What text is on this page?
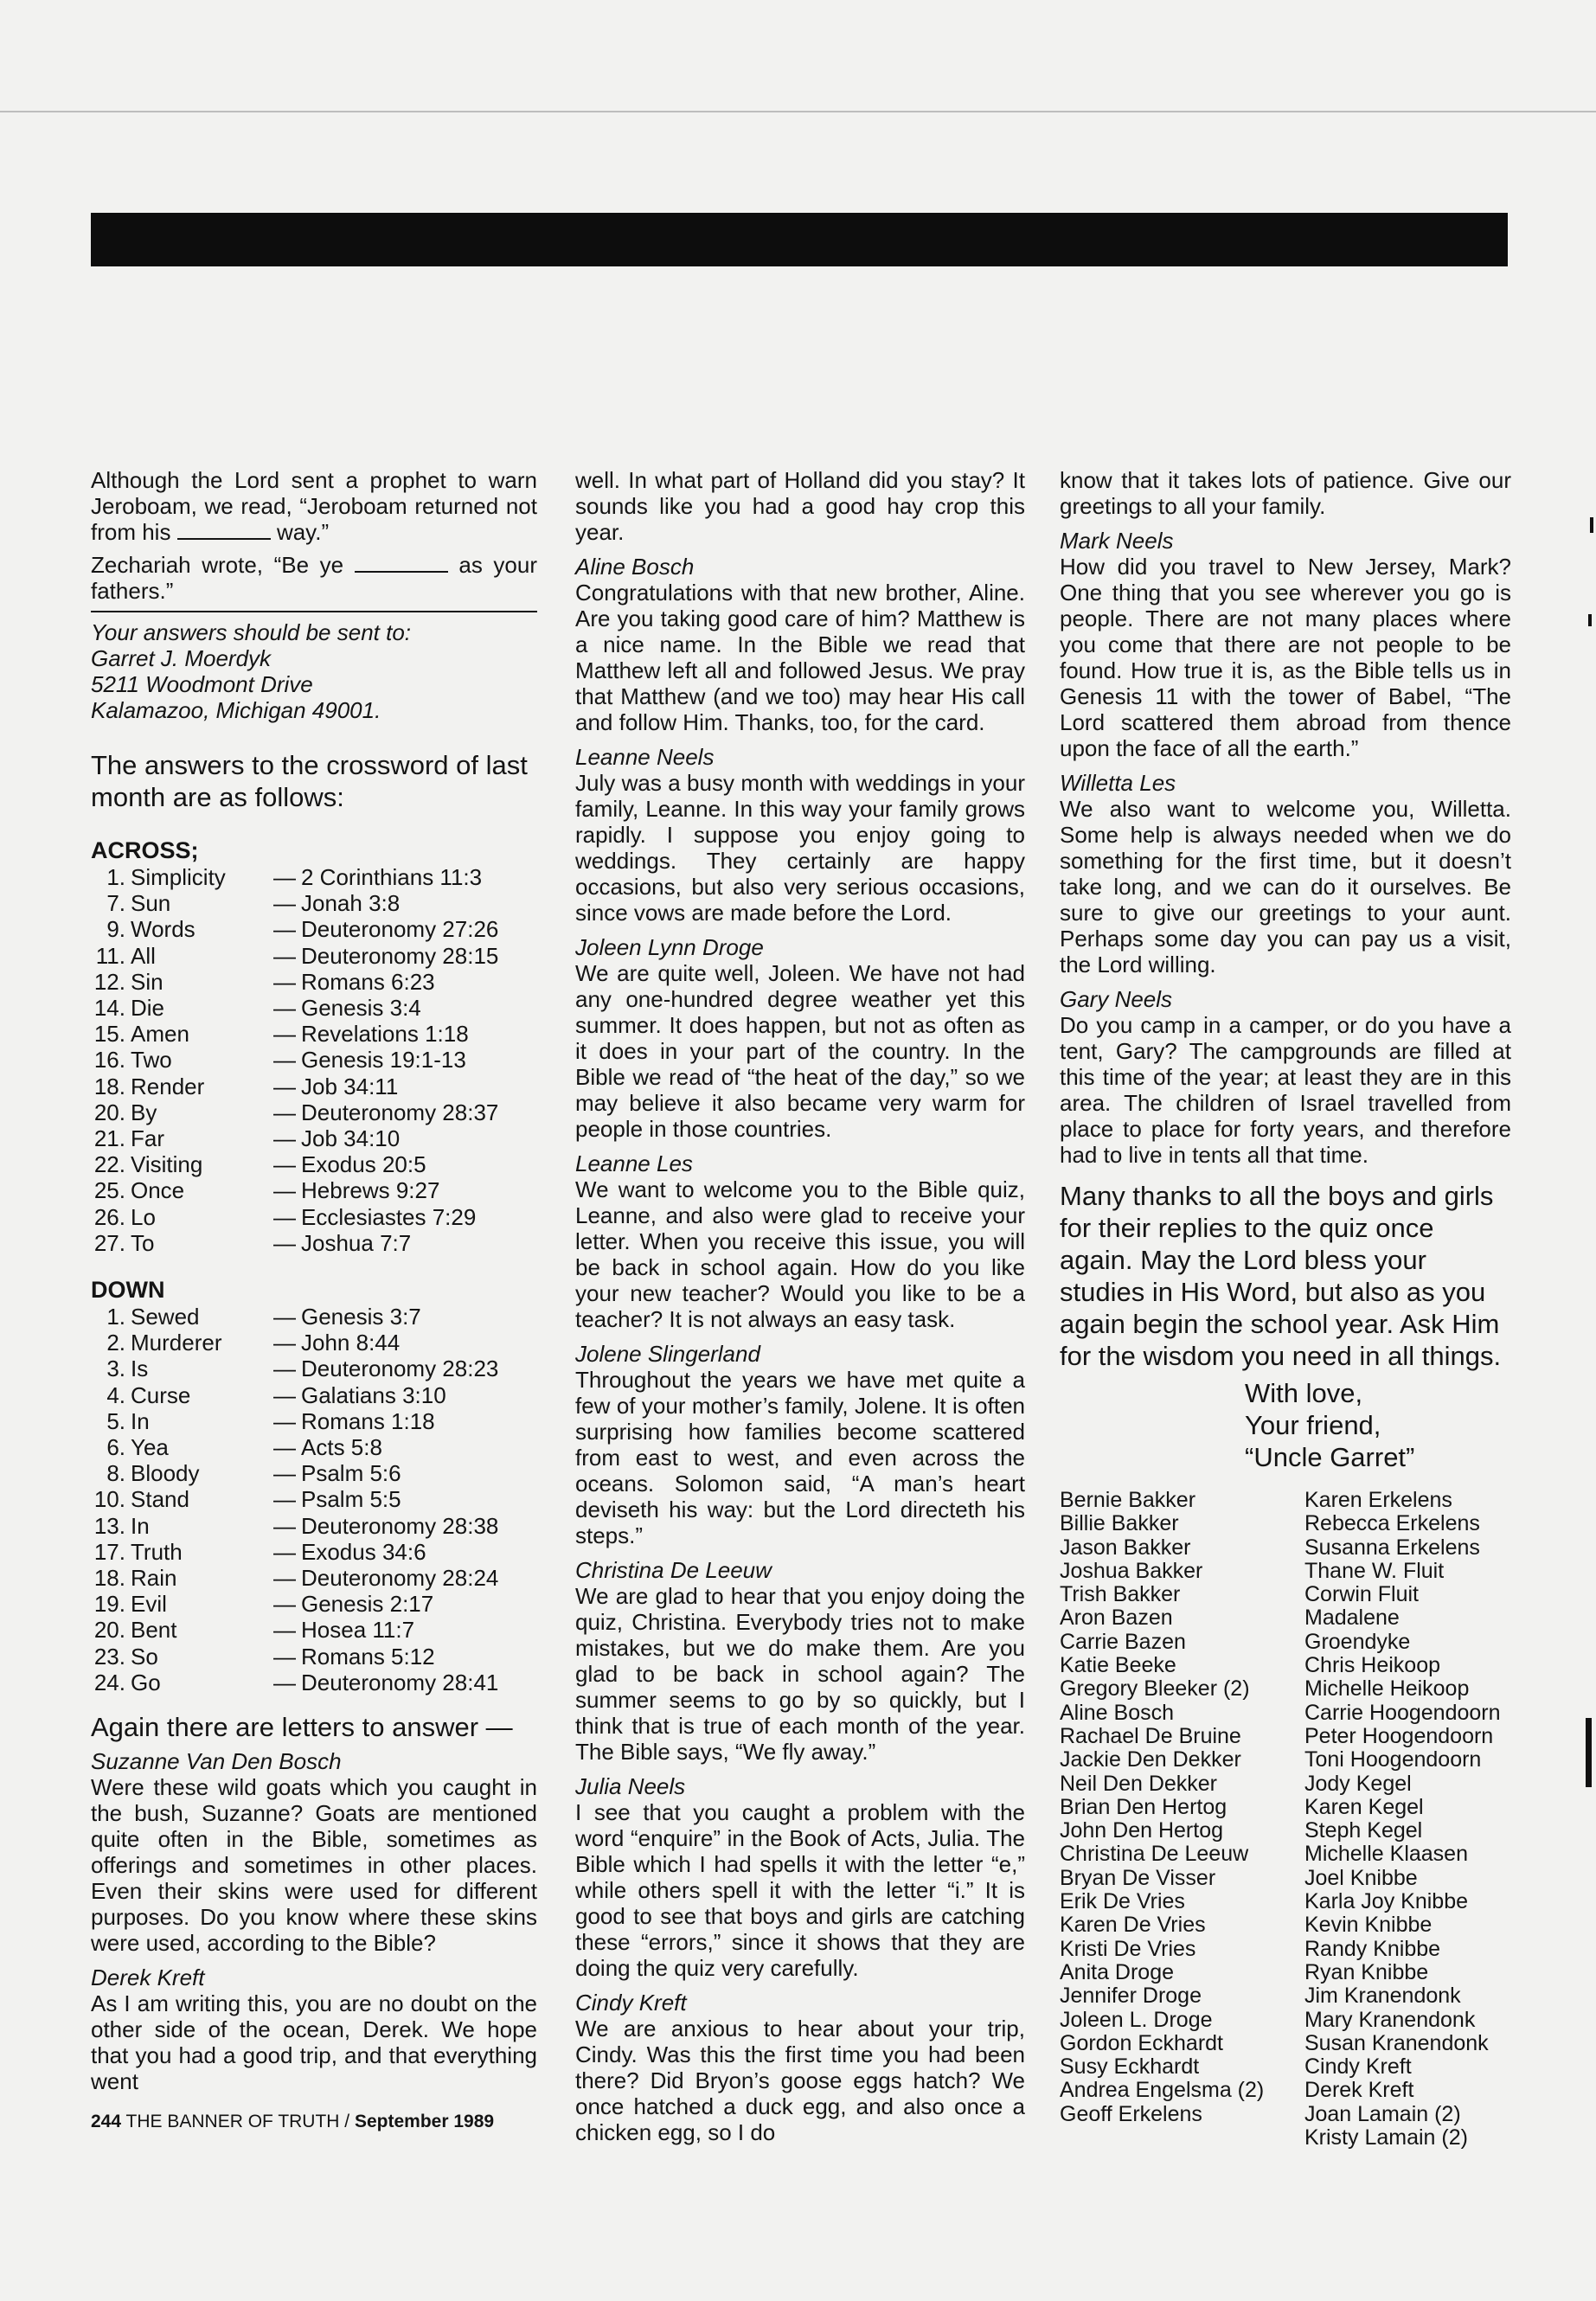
Although the Lord sent a prophet to warn Jeroboam, we read, “Jeroboam returned not from his	way.”

Zechariah wrote, “Be ye	as your fathers.”

Your answers should be sent to:
Garret J. Moerdyk
5211 Woodmont Drive
Kalamazoo, Michigan 49001.
The answers to the crossword of last month are as follows:
ACROSS;
1. Simplicity	— 2 Corinthians 11:3
7. Sun	— Jonah 3:8
9. Words	— Deuteronomy 27:26
11. All	— Deuteronomy 28:15
12. Sin	— Romans 6:23
14. Die	— Genesis 3:4
15. Amen	— Revelations 1:18
16. Two	— Genesis 19:1-13
18. Render	— Job 34:11
20. By	— Deuteronomy 28:37
21. Far	— Job 34:10
22. Visiting	— Exodus 20:5
25. Once	— Hebrews 9:27
26. Lo	— Ecclesiastes 7:29
27. To	— Joshua 7:7
DOWN
1. Sewed	— Genesis 3:7
2. Murderer	— John 8:44
3. Is	— Deuteronomy 28:23
4. Curse	— Galatians 3:10
5. In	— Romans 1:18
6. Yea	— Acts 5:8
8. Bloody	— Psalm 5:6
10. Stand	— Psalm 5:5
13. In	— Deuteronomy 28:38
17. Truth	— Exodus 34:6
18. Rain	— Deuteronomy 28:24
19. Evil	— Genesis 2:17
20. Bent	— Hosea 11:7
23. So	— Romans 5:12
24. Go	— Deuteronomy 28:41
Again there are letters to answer —
Suzanne Van Den Bosch

Were these wild goats which you caught in the bush, Suzanne? Goats are mentioned quite often in the Bible, sometimes as offerings and sometimes in other places. Even their skins were used for different purposes. Do you know where these skins were used, according to the Bible?

Derek Kreft

As I am writing this, you are no doubt on the other side of the ocean, Derek. We hope that you had a good trip, and that everything went

well. In what part of Holland did you stay? It sounds like you had a good hay crop this year.

Aline Bosch

Congratulations with that new brother, Aline. Are you taking good care of him? Matthew is a nice name. In the Bible we read that Matthew left all and followed Jesus. We pray that Matthew (and we too) may hear His call and follow Him. Thanks, too, for the card.

Leanne Neels

July was a busy month with weddings in your family, Leanne. In this way your family grows rapidly. I suppose you enjoy going to weddings. They certainly are happy occasions, but also very serious occasions, since vows are made before the Lord.

Joleen Lynn Droge

We are quite well, Joleen. We have not had any one-hundred degree weather yet this summer. It does happen, but not as often as it does in your part of the country. In the Bible we read of “the heat of the day,” so we may believe it also became very warm for people in those countries.

Leanne Les

We want to welcome you to the Bible quiz, Leanne, and also were glad to receive your letter. When you receive this issue, you will be back in school again. How do you like your new teacher? Would you like to be a teacher? It is not always an easy task.

Jolene Slingerland

Throughout the years we have met quite a few of your mother’s family, Jolene. It is often surprising how families become scattered from east to west, and even across the oceans. Solomon said, “A man’s heart deviseth his way: but the Lord directeth his steps.”

Christina De Leeuw

We are glad to hear that you enjoy doing the quiz, Christina. Everybody tries not to make mistakes, but we do make them. Are you glad to be back in school again? The summer seems to go by so quickly, but I think that is true of each month of the year. The Bible says, “We fly away.”

Julia Neels

I see that you caught a problem with the word “enquire” in the Book of Acts, Julia. The Bible which I had spells it with the letter “e,” while others spell it with the letter “i.” It is good to see that boys and girls are catching these “errors,” since it shows that they are doing the quiz very carefully.

Cindy Kreft

We are anxious to hear about your trip, Cindy. Was this the first time you had been there? Did Bryon’s goose eggs hatch? We once hatched a duck egg, and also once a chicken egg, so I do

know that it takes lots of patience. Give our greetings to all your family.

Mark Neels

How did you travel to New Jersey, Mark? One thing that you see wherever you go is people. There are not many places where you come that there are not people to be found. How true it is, as the Bible tells us in Genesis 11 with the tower of Babel, “The Lord scattered them abroad from thence upon the face of all the earth.”

Willetta Les

We also want to welcome you, Willetta. Some help is always needed when we do something for the first time, but it doesn’t take long, and we can do it ourselves. Be sure to give our greetings to your aunt. Perhaps some day you can pay us a visit, the Lord willing.

Gary Neels

Do you camp in a camper, or do you have a tent, Gary? The campgrounds are filled at this time of the year; at least they are in this area. The children of Israel travelled from place to place for forty years, and therefore had to live in tents all that time.

Many thanks to all the boys and girls for their replies to the quiz once again. May the Lord bless your studies in His Word, but also as you again begin the school year. Ask Him for the wisdom you need in all things.
With love,
Your friend,
“Uncle Garret”
Bernie Bakker
Billie Bakker
Jason Bakker
Joshua Bakker
Trish Bakker
Aron Bazen
Carrie Bazen
Katie Beeke
Gregory Bleeker (2)
Aline Bosch
Rachael De Bruine
Jackie Den Dekker
Neil Den Dekker
Brian Den Hertog
John Den Hertog
Christina De Leeuw
Bryan De Visser
Erik De Vries
Karen De Vries
Kristi De Vries
Anita Droge
Jennifer Droge
Joleen L. Droge
Gordon Eckhardt
Susy Eckhardt
Andrea Engelsma (2)
Geoff Erkelens
Karen Erkelens
Rebecca Erkelens
Susanna Erkelens
Thane W. Fluit
Corwin Fluit
Madalene Groendyke
Chris Heikoop
Michelle Heikoop
Carrie Hoogendoorn
Peter Hoogendoorn
Toni Hoogendoorn
Jody Kegel
Karen Kegel
Steph Kegel
Michelle Klaasen
Joel Knibbe
Karla Joy Knibbe
Kevin Knibbe
Randy Knibbe
Ryan Knibbe
Jim Kranendonk
Mary Kranendonk
Susan Kranendonk
Cindy Kreft
Derek Kreft
Joan Lamain (2)
Kristy Lamain (2)
244 THE BANNER OF TRUTH / September 1989
